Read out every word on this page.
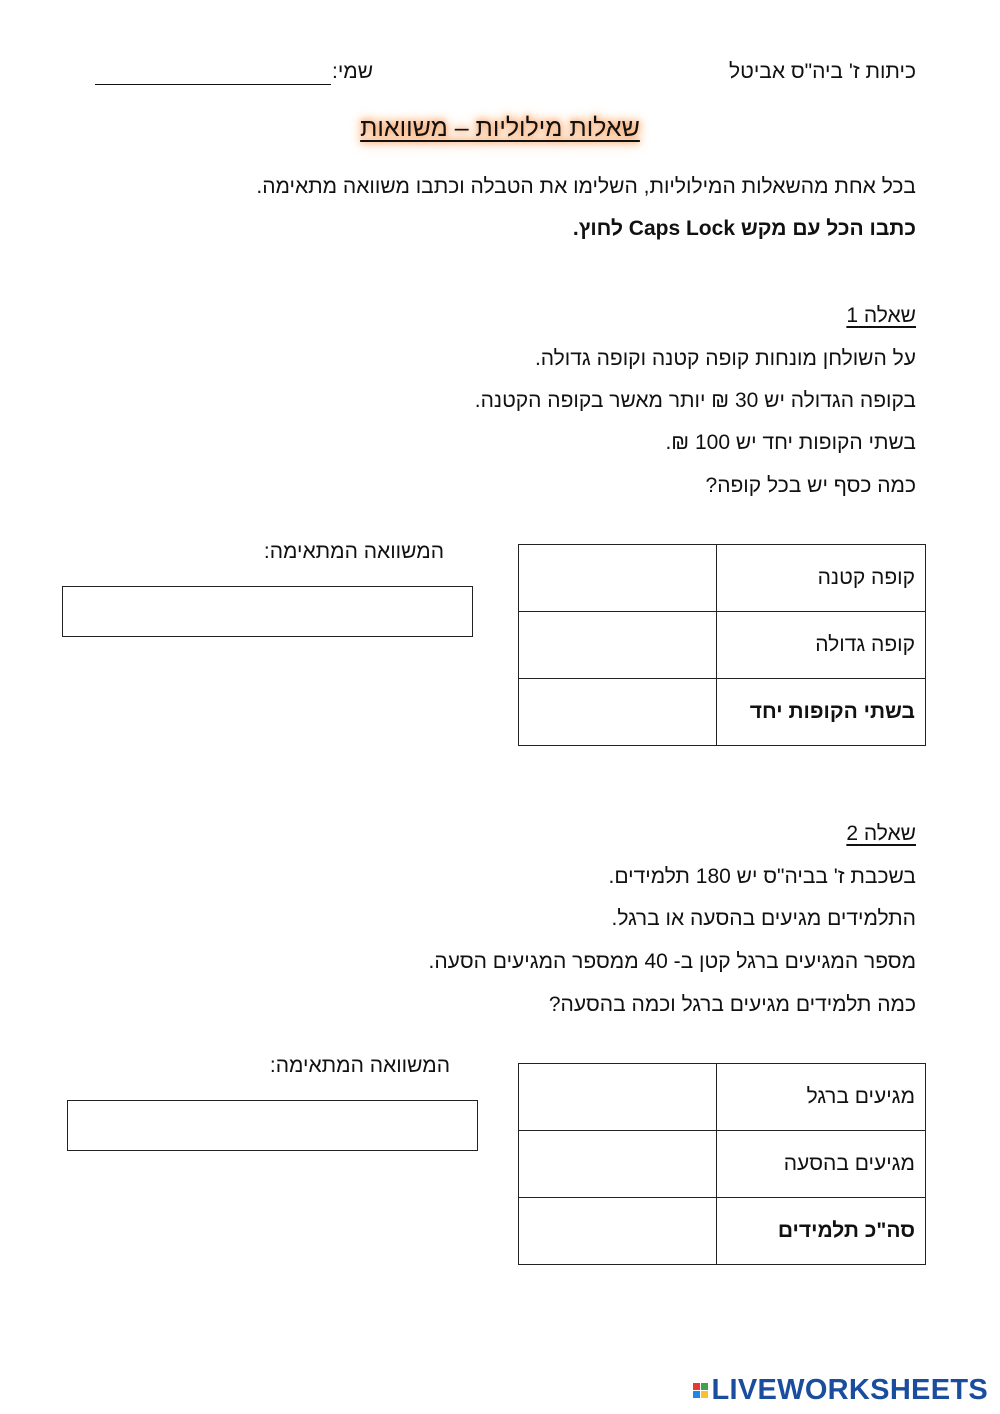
כיתות ז' ביה"ס אביטל
שמי:
שאלות מילוליות – משוואות
בכל אחת מהשאלות המילוליות, השלימו את הטבלה וכתבו משוואה מתאימה.
כתבו הכל עם מקש Caps Lock לחוץ.
שאלה 1
על השולחן מונחות קופה קטנה וקופה גדולה.
בקופה הגדולה יש 30 ₪ יותר מאשר בקופה הקטנה.
בשתי הקופות יחד יש 100 ₪.
כמה כסף יש בכל קופה?
המשוואה המתאימה:
קופה קטנה	
קופה גדולה	
בשתי הקופות יחד	
שאלה 2
בשכבת ז' בביה"ס יש 180 תלמידים.
התלמידים מגיעים בהסעה או ברגל.
מספר המגיעים ברגל קטן ב- 40 ממספר המגיעים הסעה.
כמה תלמידים מגיעים ברגל וכמה בהסעה?
המשוואה המתאימה:
מגיעים ברגל	
מגיעים בהסעה	
סה"כ תלמידים	
LIVEWORKSHEETS
